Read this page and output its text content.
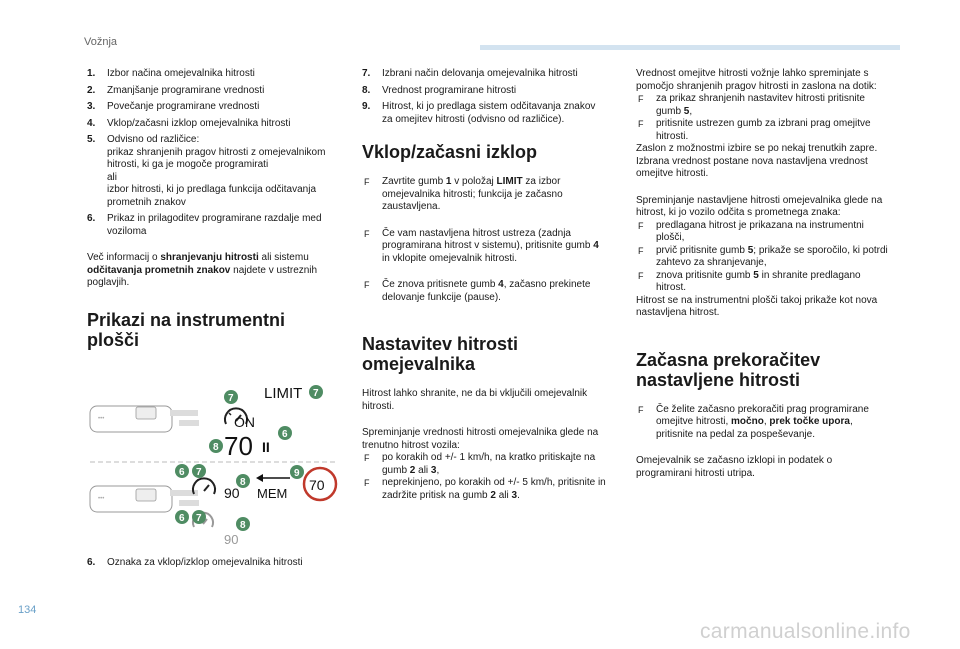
Vožnja
1. Izbor načina omejevalnika hitrosti
2. Zmanjšanje programirane vrednosti
3. Povečanje programirane vrednosti
4. Vklop/začasni izklop omejevalnika hitrosti
5. Odvisno od različice:
prikaz shranjenih pragov hitrosti z omejevalnikom hitrosti, ki ga je mogoče programirati
ali
izbor hitrosti, ki jo predlaga funkcija odčitavanja prometnih znakov
6. Prikaz in prilagoditev programirane razdalje med voziloma

Več informacij o shranjevanju hitrosti ali sistemu odčitavanja prometnih znakov najdete v ustreznih poglavjih.

Prikazi na instrumentni plošči
•••
LIMIT
ON
70 II
•••	90 MEM
70
90
7	7
6
8
6 7	9
8
6 7
8
6. Oznaka za vklop/izklop omejevalnika hitrosti
7. Izbrani način delovanja omejevalnika hitrosti
8. Vrednost programirane hitrosti
9. Hitrost, ki jo predlaga sistem odčitavanja znakov za omejitev hitrosti (odvisno od različice).
Vklop/začasni izklop
F Zavrtite gumb 1 v položaj LIMIT za izbor omejevalnika hitrosti; funkcija je začasno zaustavljena.
F Če vam nastavljena hitrost ustreza (zadnja programirana hitrost v sistemu), pritisnite gumb 4 in vklopite omejevalnik hitrosti.
F Če znova pritisnete gumb 4, začasno prekinete delovanje funkcije (pause).
Nastavitev hitrosti omejevalnika

Hitrost lahko shranite, ne da bi vključili omejevalnik hitrosti.

Spreminjanje vrednosti hitrosti omejevalnika glede na trenutno hitrost vozila:

F po korakih od +/- 1 km/h, na kratko pritiskajte na gumb 2 ali 3,
F neprekinjeno, po korakih od +/- 5 km/h, pritisnite in zadržite pritisk na gumb 2 ali 3.
Vrednost omejitve hitrosti vožnje lahko spreminjate s pomočjo shranjenih pragov hitrosti in zaslona na dotik:
F za prikaz shranjenih nastavitev hitrosti pritisnite gumb 5,
F pritisnite ustrezen gumb za izbrani prag omejitve hitrosti.

Zaslon z možnostmi izbire se po nekaj trenutkih zapre.
Izbrana vrednost postane nova nastavljena vrednost omejitve hitrosti.

Spreminjanje nastavljene hitrosti omejevalnika glede na hitrost, ki jo vozilo odčita s prometnega znaka:
F predlagana hitrost je prikazana na instrumentni plošči,
F prvič pritisnite gumb 5; prikaže se sporočilo, ki potrdi zahtevo za shranjevanje,
F znova pritisnite gumb 5 in shranite predlagano hitrost.

Hitrost se na instrumentni plošči takoj prikaže kot nova nastavljena hitrost.

Začasna prekoračitev nastavljene hitrosti
F Če želite začasno prekoračiti prag programirane omejitve hitrosti, močno, prek točke upora, pritisnite na pedal za pospeševanje.

Omejevalnik se začasno izklopi in podatek o programirani hitrosti utripa.

134
carmanualsonline.info
